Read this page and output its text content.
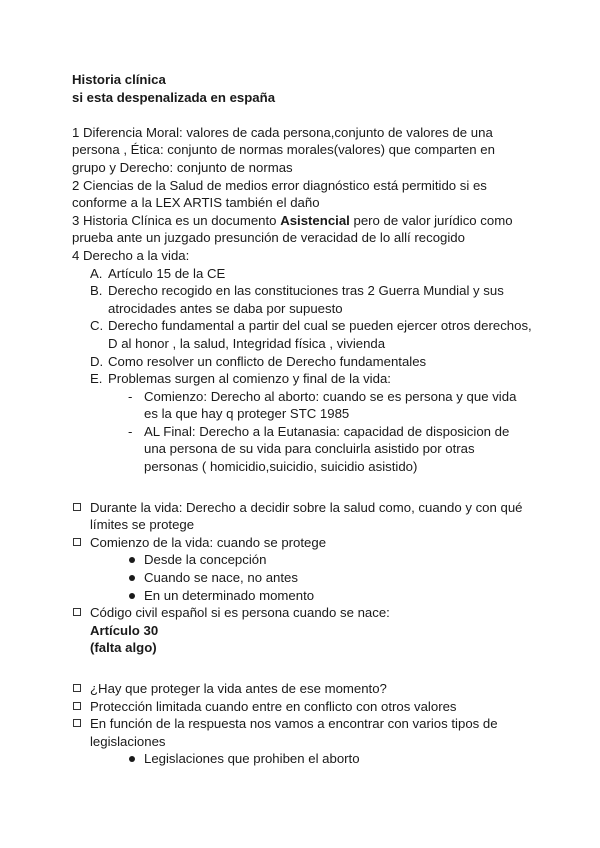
Historia clínica
si esta despenalizada en españa
1 Diferencia Moral: valores de cada persona,conjunto de valores de una persona , Ética: conjunto de normas morales(valores) que comparten en grupo y Derecho: conjunto de normas
2 Ciencias de la Salud de medios error diagnóstico está permitido si es conforme a la LEX ARTIS también el daño
3 Historia Clínica es un documento Asistencial pero de valor jurídico como prueba ante un juzgado presunción de veracidad de lo allí recogido
4 Derecho a la vida:
A. Artículo 15 de la CE
B. Derecho recogido en las constituciones tras 2 Guerra Mundial y sus atrocidades antes se daba por supuesto
C. Derecho fundamental a partir del cual se pueden ejercer otros derechos, D al honor , la salud, Integridad física , vivienda
D. Como resolver un conflicto de Derecho fundamentales
E. Problemas surgen al comienzo y final de la vida:
- Comienzo: Derecho al aborto: cuando se es persona y que vida es la que hay q proteger STC 1985
- AL Final: Derecho a la Eutanasia: capacidad de disposicion de una persona de su vida para concluirla asistido por otras personas ( homicidio,suicidio, suicidio asistido)
Durante la vida: Derecho a decidir sobre la salud como, cuando y con qué límites se protege
Comienzo de la vida: cuando se protege
Desde la concepción
Cuando se nace, no antes
En un determinado momento
Código civil español si es persona cuando se nace:
Artículo 30
(falta algo)
¿Hay que proteger la vida antes de ese momento?
Protección limitada cuando entre en conflicto con otros valores
En función de la respuesta nos vamos a encontrar con varios tipos de legislaciones
Legislaciones que prohiben el aborto
